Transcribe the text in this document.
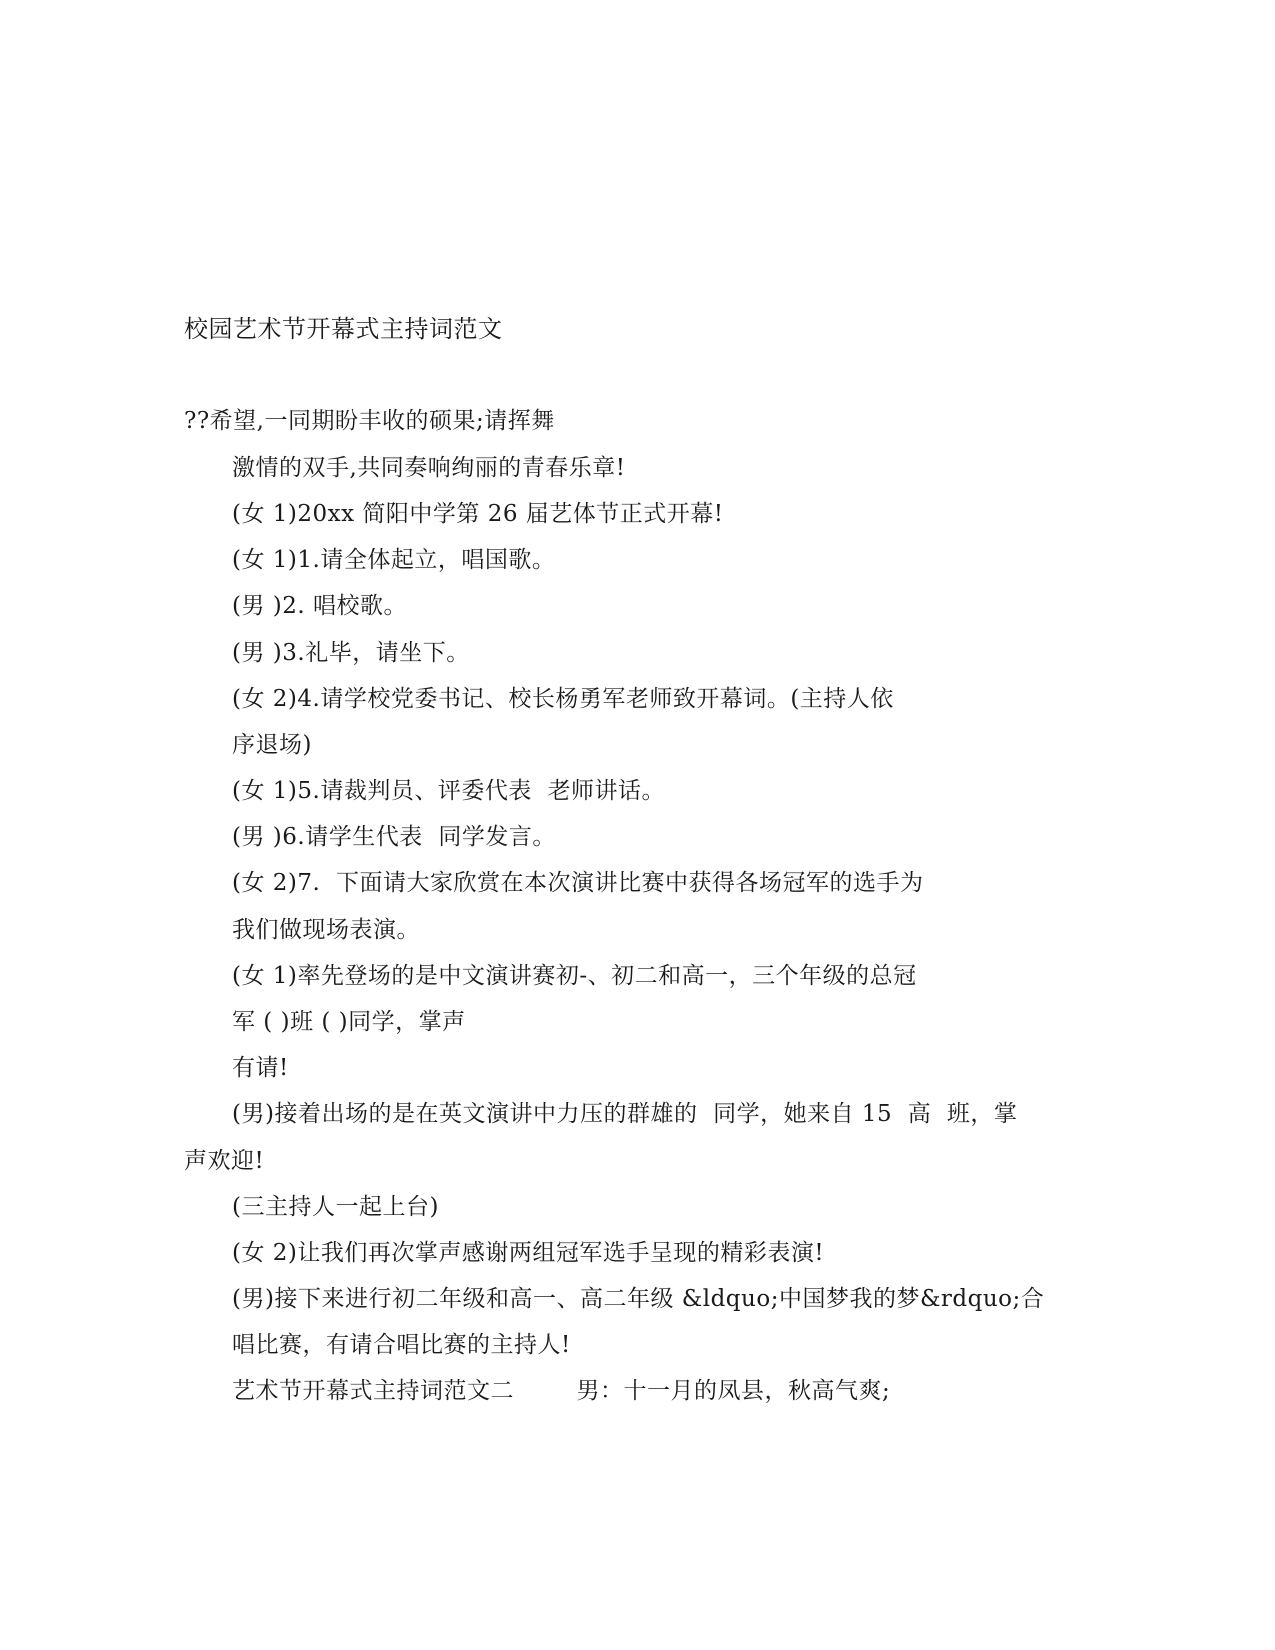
校园艺术节开幕式主持词范文
??希望,一同期盼丰收的硕果;请挥舞
激情的双手,共同奏响绚丽的青春乐章!
(女 1)20xx 简阳中学第 26 届艺体节正式开幕!
(女 1)1.请全体起立，唱国歌。
(男 )2. 唱校歌。
(男 )3.礼毕，请坐下。
(女 2)4.请学校党委书记、校长杨勇军老师致开幕词。(主持人依
序退场)
(女 1)5.请裁判员、评委代表  老师讲话。
(男 )6.请学生代表  同学发言。
(女 2)7.  下面请大家欣赏在本次演讲比赛中获得各场冠军的选手为
我们做现场表演。
(女 1)率先登场的是中文演讲赛初-、初二和高一，三个年级的总冠
军 ( )班 ( )同学，掌声
有请!
(男)接着出场的是在英文演讲中力压的群雄的  同学，她来自 15  高  班，掌
声欢迎!
(三主持人一起上台)
(女 2)让我们再次掌声感谢两组冠军选手呈现的精彩表演!
(男)接下来进行初二年级和高一、高二年级 &ldquo;中国梦我的梦&rdquo;合
唱比赛，有请合唱比赛的主持人!
艺术节开幕式主持词范文二        男：十一月的凤县，秋高气爽;
